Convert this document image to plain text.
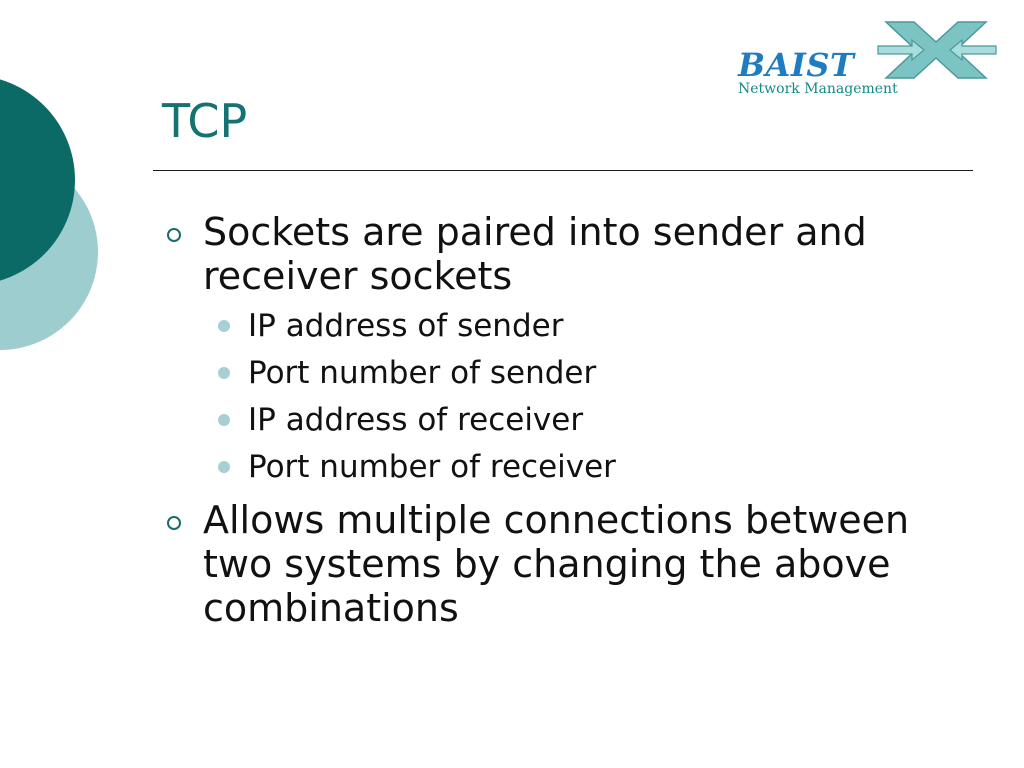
BAIST
Network Management
TCP
Sockets are paired into sender and receiver sockets
IP address of sender
Port number of sender
IP address of receiver
Port number of receiver
Allows multiple connections between two systems by changing the above combinations
